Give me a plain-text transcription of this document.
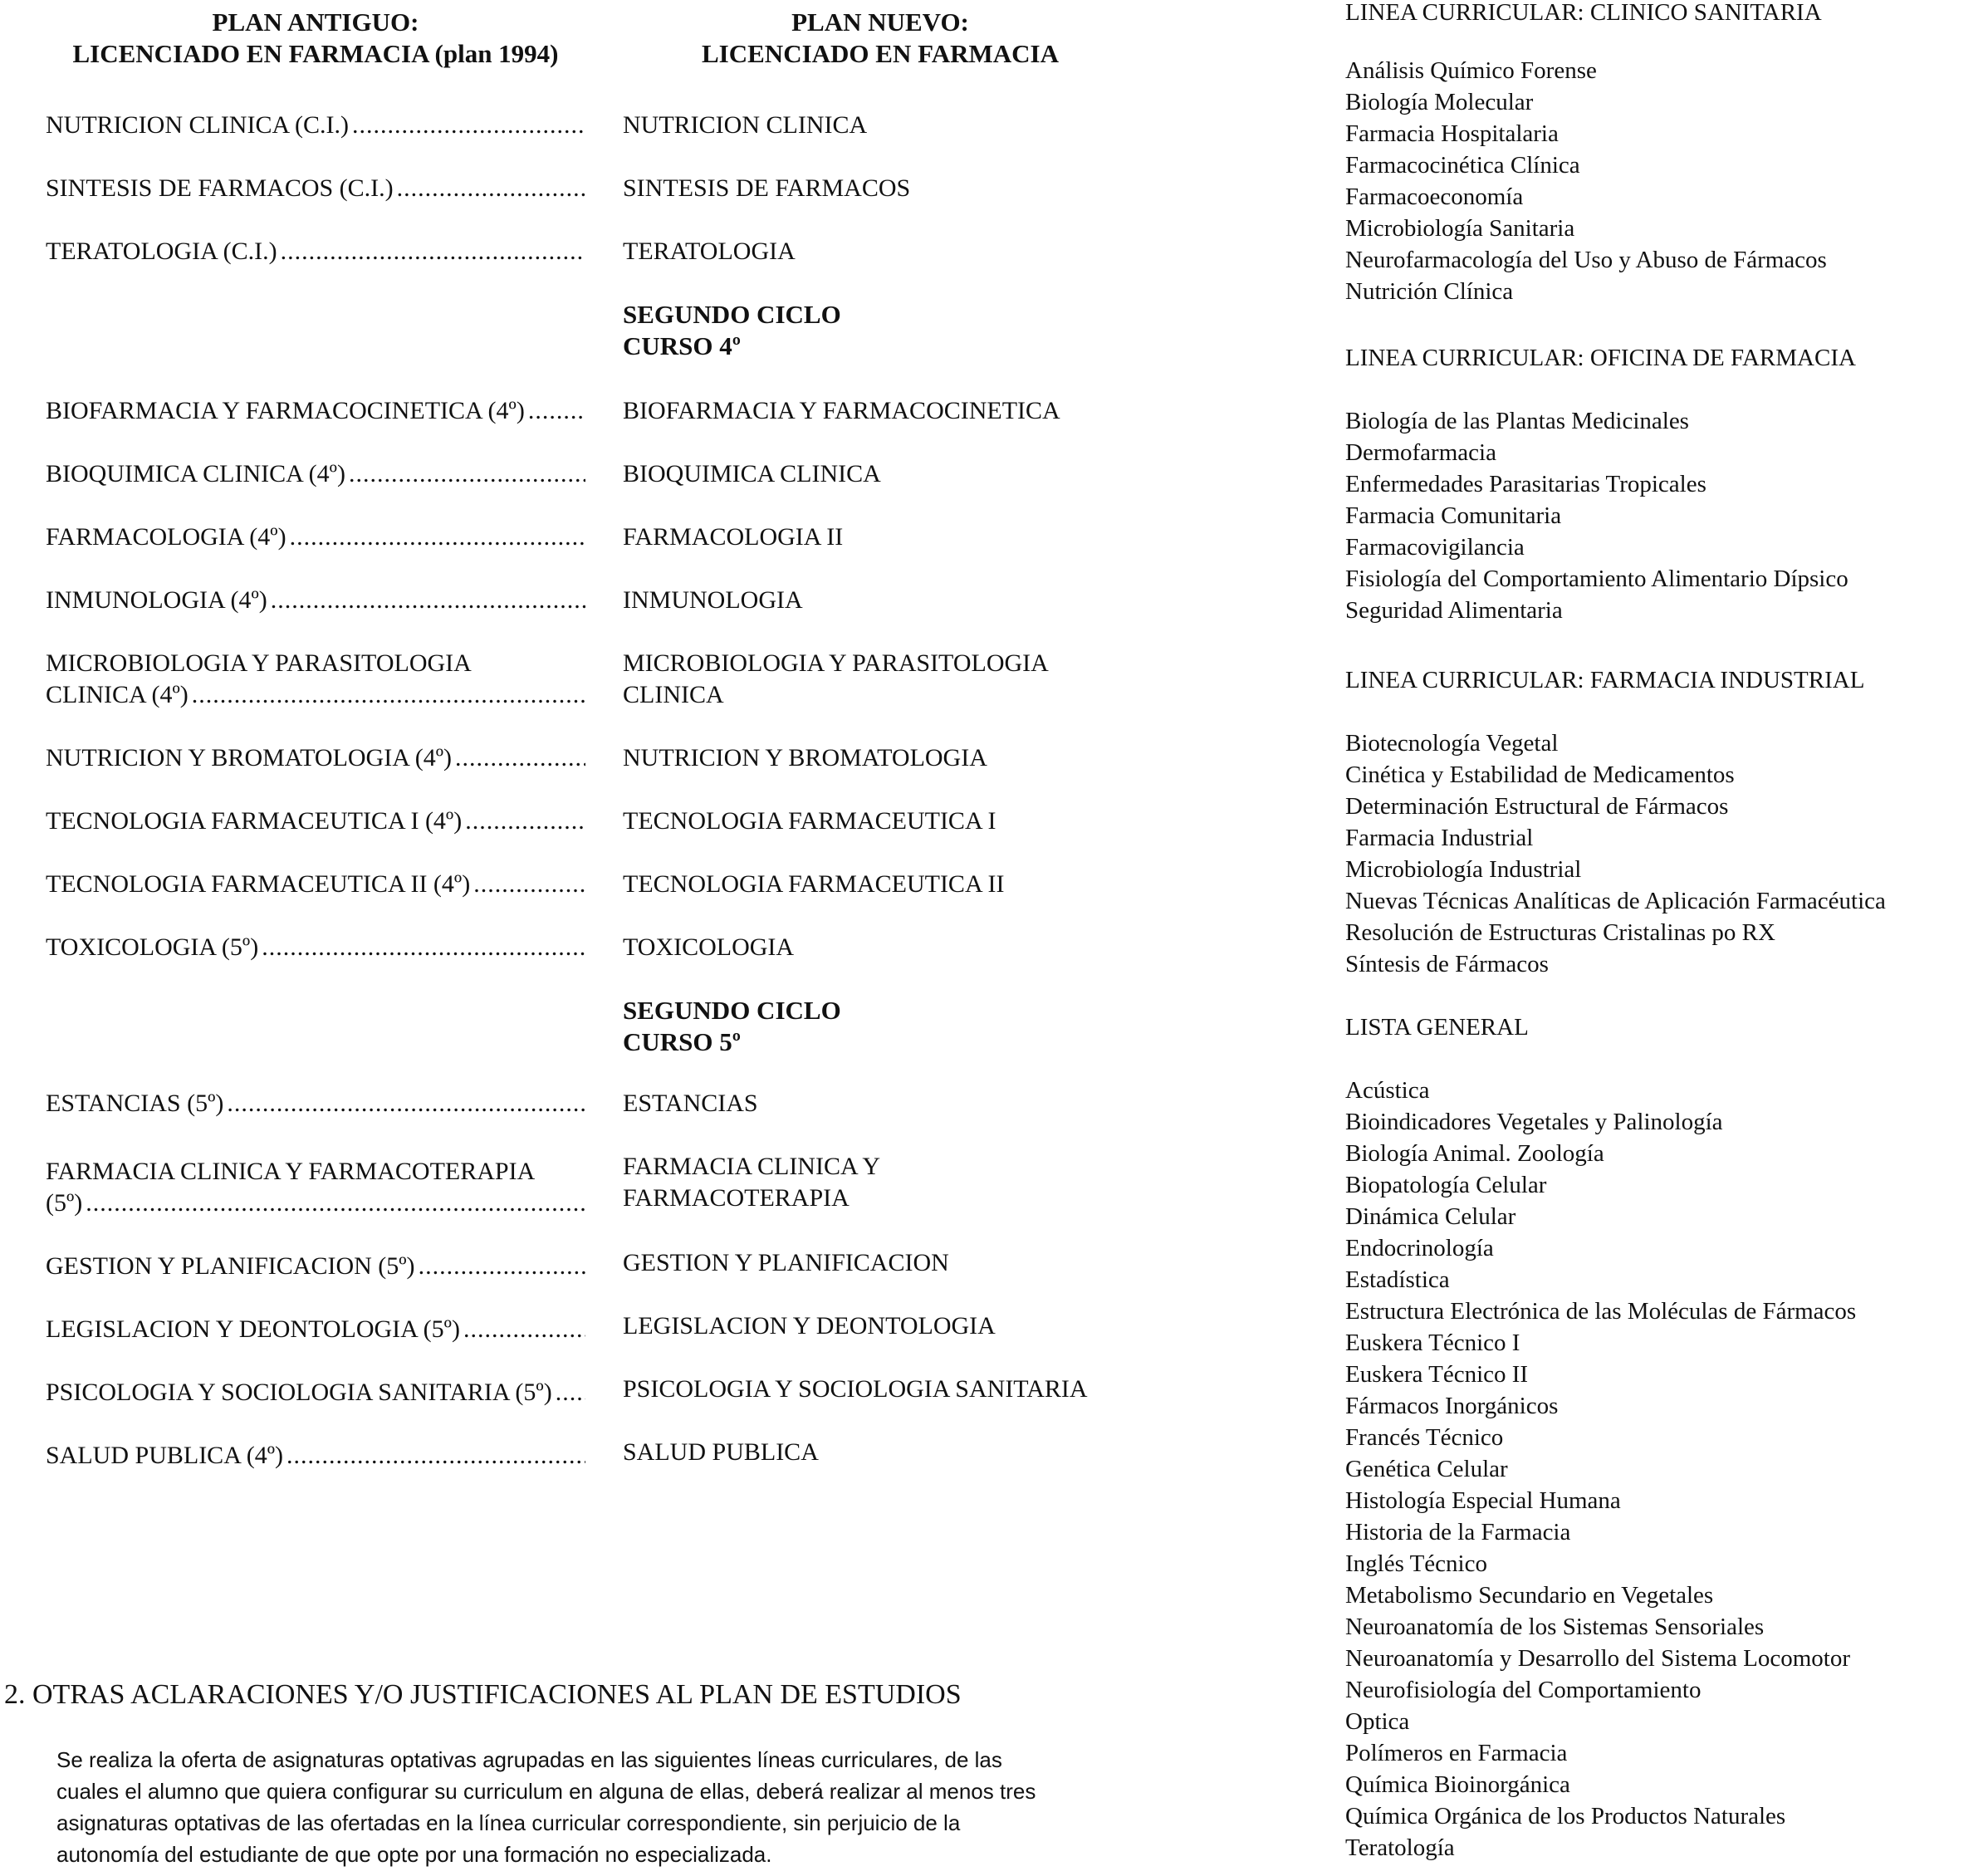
PLAN ANTIGUO:
LICENCIADO EN FARMACIA (plan 1994)
PLAN NUEVO:
LICENCIADO EN FARMACIA
NUTRICION CLINICA (C.I.)
.....
SINTESIS DE FARMACOS (C.I.)
.....
TERATOLOGIA (C.I.)
.....
BIOFARMACIA Y FARMACOCINETICA (4º)
.....
BIOQUIMICA CLINICA (4º)
.....
FARMACOLOGIA (4º)
.....
INMUNOLOGIA (4º)
.....
MICROBIOLOGIA Y PARASITOLOGIA
CLINICA (4º)
.....
NUTRICION Y BROMATOLOGIA (4º)
.....
TECNOLOGIA FARMACEUTICA I (4º)
.....
TECNOLOGIA FARMACEUTICA II (4º)
.....
TOXICOLOGIA (5º)
.....
ESTANCIAS (5º)
.....
FARMACIA CLINICA Y FARMACOTERAPIA
(5º)
.....
GESTION Y PLANIFICACION (5º)
.....
LEGISLACION Y DEONTOLOGIA (5º)
.....
PSICOLOGIA Y SOCIOLOGIA SANITARIA (5º)
.....
SALUD PUBLICA (4º)
.....
NUTRICION CLINICA
SINTESIS DE FARMACOS
TERATOLOGIA
SEGUNDO CICLO
CURSO 4º
BIOFARMACIA Y FARMACOCINETICA
BIOQUIMICA CLINICA
FARMACOLOGIA II
INMUNOLOGIA
MICROBIOLOGIA Y PARASITOLOGIA
CLINICA
NUTRICION Y BROMATOLOGIA
TECNOLOGIA FARMACEUTICA I
TECNOLOGIA FARMACEUTICA II
TOXICOLOGIA
SEGUNDO CICLO
CURSO 5º
ESTANCIAS
FARMACIA CLINICA Y
FARMACOTERAPIA
GESTION Y PLANIFICACION
LEGISLACION Y DEONTOLOGIA
PSICOLOGIA Y SOCIOLOGIA SANITARIA
SALUD PUBLICA
LINEA CURRICULAR: CLINICO SANITARIA
Análisis Químico Forense
Biología Molecular
Farmacia Hospitalaria
Farmacocinética Clínica
Farmacoeconomía
Microbiología Sanitaria
Neurofarmacología del Uso y Abuso de Fármacos
Nutrición Clínica
LINEA CURRICULAR: OFICINA DE FARMACIA
Biología de las Plantas Medicinales
Dermofarmacia
Enfermedades Parasitarias Tropicales
Farmacia Comunitaria
Farmacovigilancia
Fisiología del Comportamiento Alimentario Dípsico
Seguridad Alimentaria
LINEA CURRICULAR: FARMACIA INDUSTRIAL
Biotecnología Vegetal
Cinética y Estabilidad de Medicamentos
Determinación Estructural de Fármacos
Farmacia Industrial
Microbiología Industrial
Nuevas Técnicas Analíticas de Aplicación Farmacéutica
Resolución de Estructuras Cristalinas po RX
Síntesis de Fármacos
LISTA GENERAL
Acústica
Bioindicadores Vegetales y Palinología
Biología Animal. Zoología
Biopatología Celular
Dinámica Celular
Endocrinología
Estadística
Estructura Electrónica de las Moléculas de Fármacos
Euskera Técnico I
Euskera Técnico II
Fármacos Inorgánicos
Francés Técnico
Genética Celular
Histología Especial Humana
Historia de la Farmacia
Inglés Técnico
Metabolismo Secundario en Vegetales
Neuroanatomía de los Sistemas Sensoriales
Neuroanatomía y Desarrollo del Sistema Locomotor
Neurofisiología del Comportamiento
Optica
Polímeros en Farmacia
Química Bioinorgánica
Química Orgánica de los Productos Naturales
Teratología
2. OTRAS ACLARACIONES Y/O JUSTIFICACIONES AL PLAN DE ESTUDIOS
Se realiza la oferta de asignaturas optativas agrupadas en las siguientes líneas curriculares, de las
cuales el alumno que quiera configurar su curriculum en alguna de ellas, deberá realizar al menos tres
asignaturas optativas de las ofertadas en la línea curricular correspondiente, sin perjuicio de la
autonomía del estudiante de que opte por una formación no especializada.
